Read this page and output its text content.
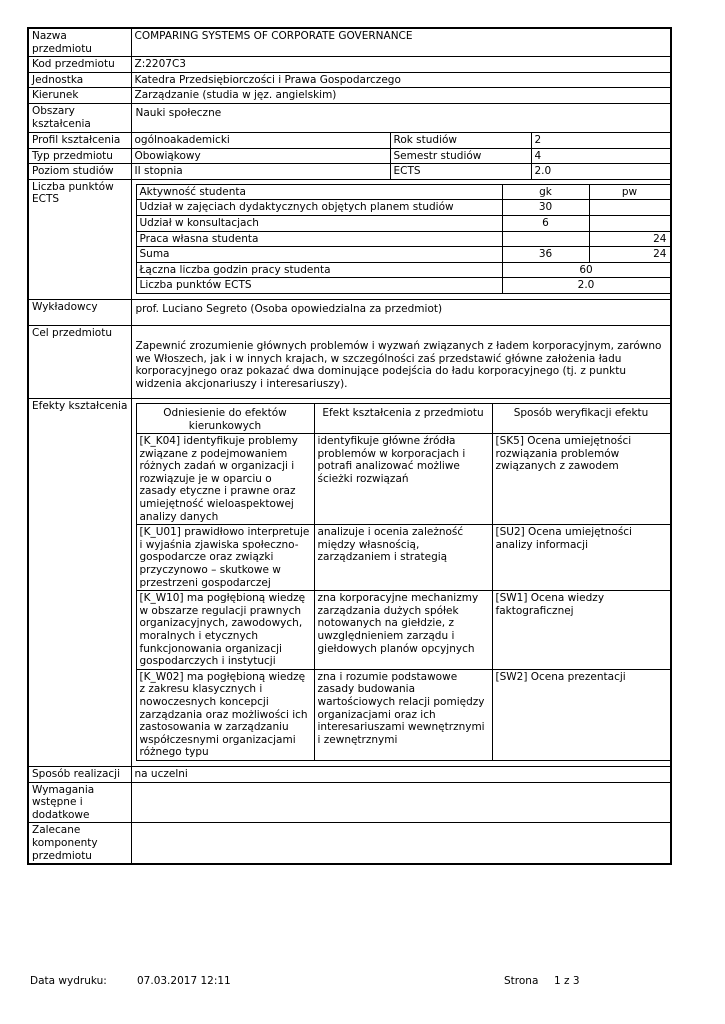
Nazwa przedmiotu	COMPARING SYSTEMS OF CORPORATE GOVERNANCE
Kod przedmiotu	Z:2207C3
Jednostka	Katedra Przedsiębiorczości i Prawa Gospodarczego
Kierunek	Zarządzanie (studia w jęz. angielskim)
Obszary kształcenia	Nauki społeczne
Profil kształcenia	ogólnoakademicki	Rok studiów	2
Typ przedmiotu	Obowiąkowy	Semestr studiów	4
Poziom studiów	II stopnia	ECTS	2.0
Liczba punktów ECTS	
Aktywność studenta	gk	pw
Udział w zajęciach dydaktycznych objętych planem studiów	30	
Udział w konsultacjach	6	
Praca własna studenta		24
Suma	36	24
Łączna liczba godzin pracy studenta	60
Liczba punktów ECTS	2.0

Wykładowcy	prof. Luciano Segreto (Osoba opowiedzialna za przedmiot)
Cel przedmiotu	Zapewnić zrozumienie głównych problemów i wyzwań związanych z ładem korporacyjnym, zarówno we Włoszech, jak i w innych krajach, w szczególności zaś przedstawić główne założenia ładu korporacyjnego oraz pokazać dwa dominujące podejścia do ładu korporacyjnego (tj. z punktu widzenia akcjonariuszy i interesariuszy).
Efekty kształcenia	
Odniesienie do efektów kierunkowych	Efekt kształcenia z przedmiotu	Sposób weryfikacji efektu
[K_K04] identyfikuje problemy związane z podejmowaniem różnych zadań w organizacji i rozwiązuje je w oparciu o zasady etyczne i prawne oraz umiejętność wieloaspektowej analizy danych	identyfikuje główne źródła problemów w korporacjach i potrafi analizować możliwe ścieżki rozwiązań	[SK5] Ocena umiejętności rozwiązania problemów związanych z zawodem
[K_U01] prawidłowo interpretuje i wyjaśnia zjawiska społeczno-gospodarcze oraz związki przyczynowo – skutkowe w przestrzeni gospodarczej	analizuje i ocenia zależność między własnością, zarządzaniem i strategią	[SU2] Ocena umiejętności analizy informacji
[K_W10] ma pogłębioną wiedzę w obszarze regulacji prawnych organizacyjnych, zawodowych, moralnych i etycznych funkcjonowania organizacji gospodarczych i instytucji	zna korporacyjne mechanizmy zarządzania dużych spółek notowanych na giełdzie, z uwzględnieniem zarządu i giełdowych planów opcyjnych	[SW1] Ocena wiedzy faktograficznej
[K_W02] ma pogłębioną wiedzę z zakresu klasycznych i nowoczesnych koncepcji zarządzania oraz możliwości ich zastosowania w zarządzaniu współczesnymi organizacjami różnego typu	zna i rozumie podstawowe zasady budowania wartościowych relacji pomiędzy organizacjami oraz ich interesariuszami wewnętrznymi i zewnętrznymi	[SW2] Ocena prezentacji

Sposób realizacji	na uczelni
Wymagania wstępne i dodatkowe	
Zalecane komponenty przedmiotu	
Data wydruku:	07.03.2017 12:11	Strona 1 z 3
